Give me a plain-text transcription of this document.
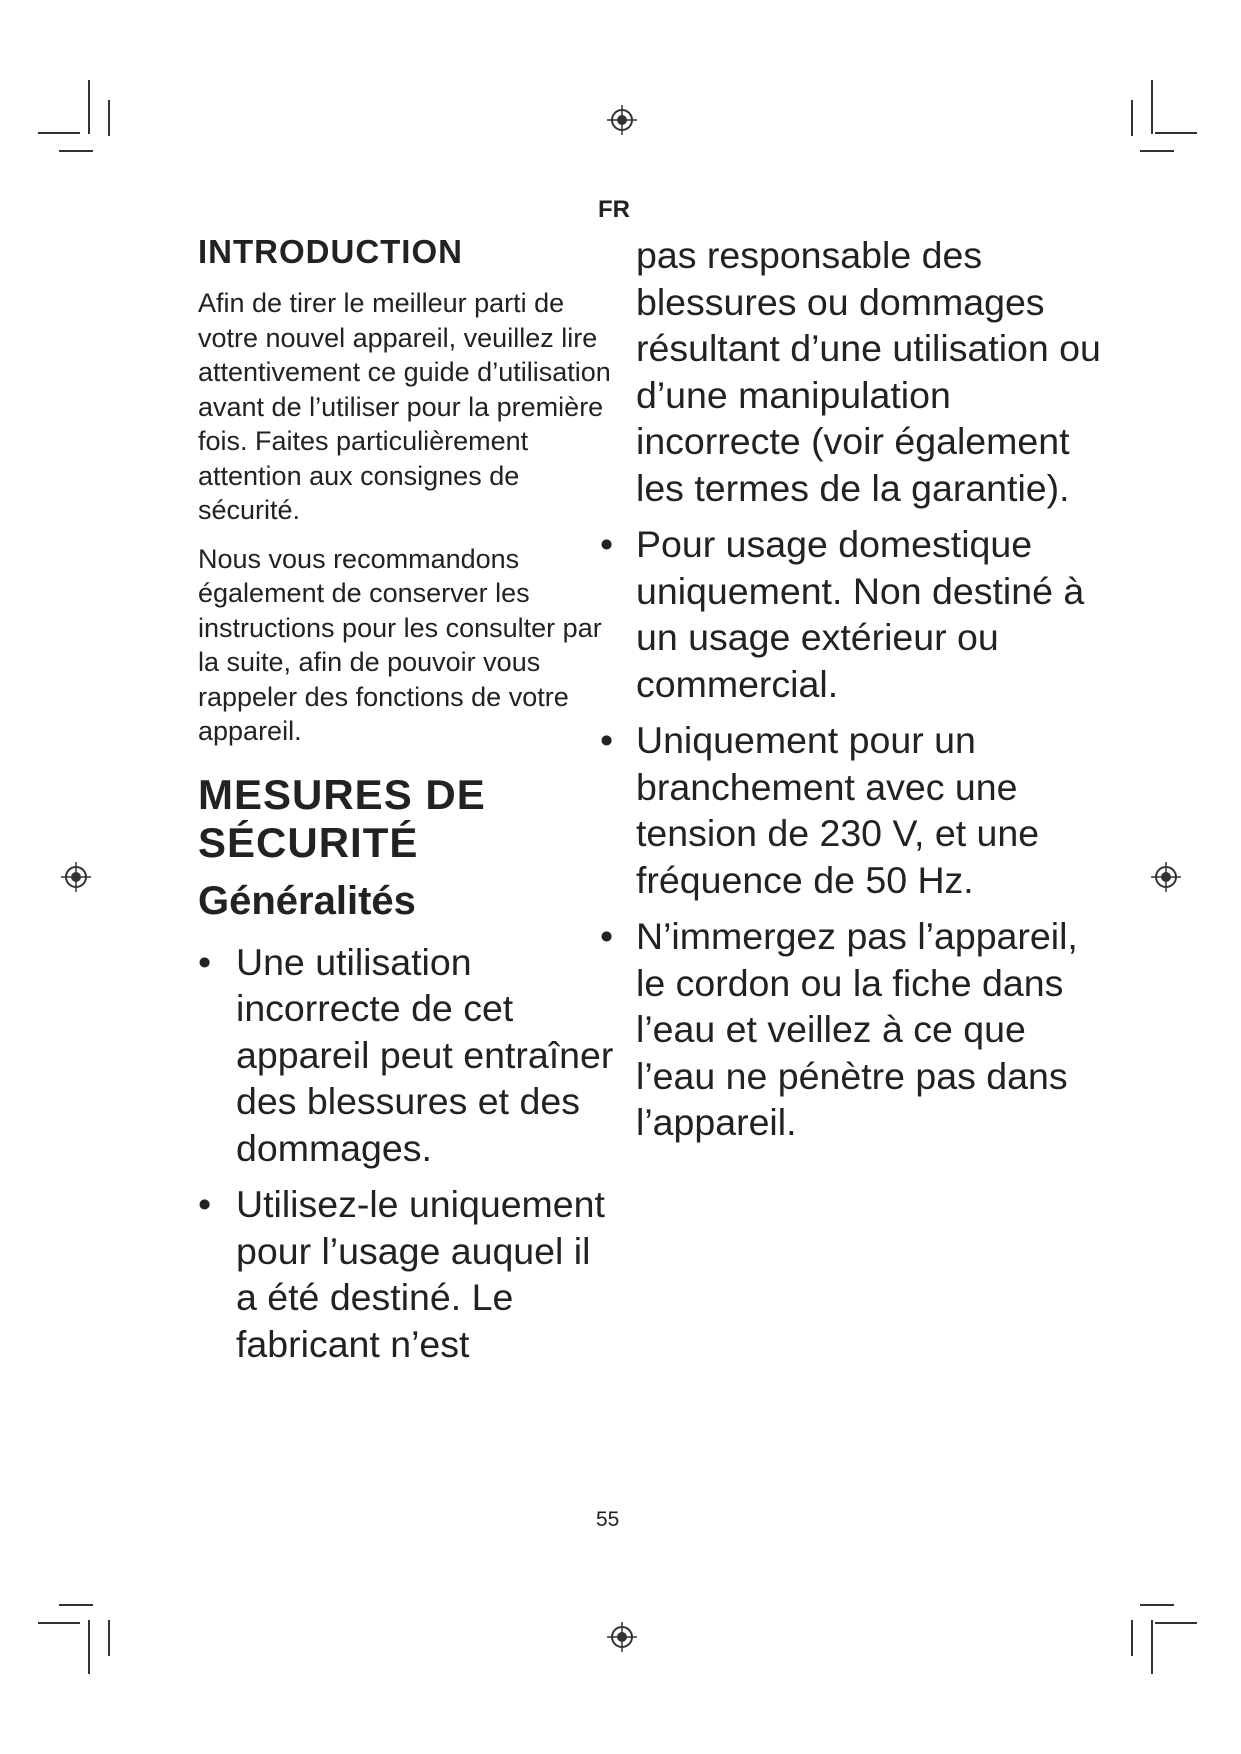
FR
INTRODUCTION

Afin de tirer le meilleur parti de votre nouvel appareil, veuillez lire attentivement ce guide d’utilisation avant de l’utiliser pour la première fois. Faites particulièrement attention aux consignes de sécurité.

Nous vous recommandons également de conserver les instructions pour les consulter par la suite, afin de pouvoir vous rappeler des fonctions de votre appareil.

MESURES DE SÉCURITÉ
Généralités
• Une utilisation incorrecte de cet appareil peut entraîner des blessures et des dommages.
• Utilisez-le uniquement pour l’usage auquel il a été destiné. Le fabricant n’est

pas responsable des blessures ou dommages résultant d’une utilisation ou d’une manipulation incorrecte (voir également les termes de la garantie).

• Pour usage domestique uniquement. Non destiné à un usage extérieur ou commercial.
• Uniquement pour un branchement avec une tension de 230 V, et une fréquence de 50 Hz.
• N’immergez pas l’appareil, le cordon ou la fiche dans l’eau et veillez à ce que l’eau ne pénètre pas dans l’appareil.
55
